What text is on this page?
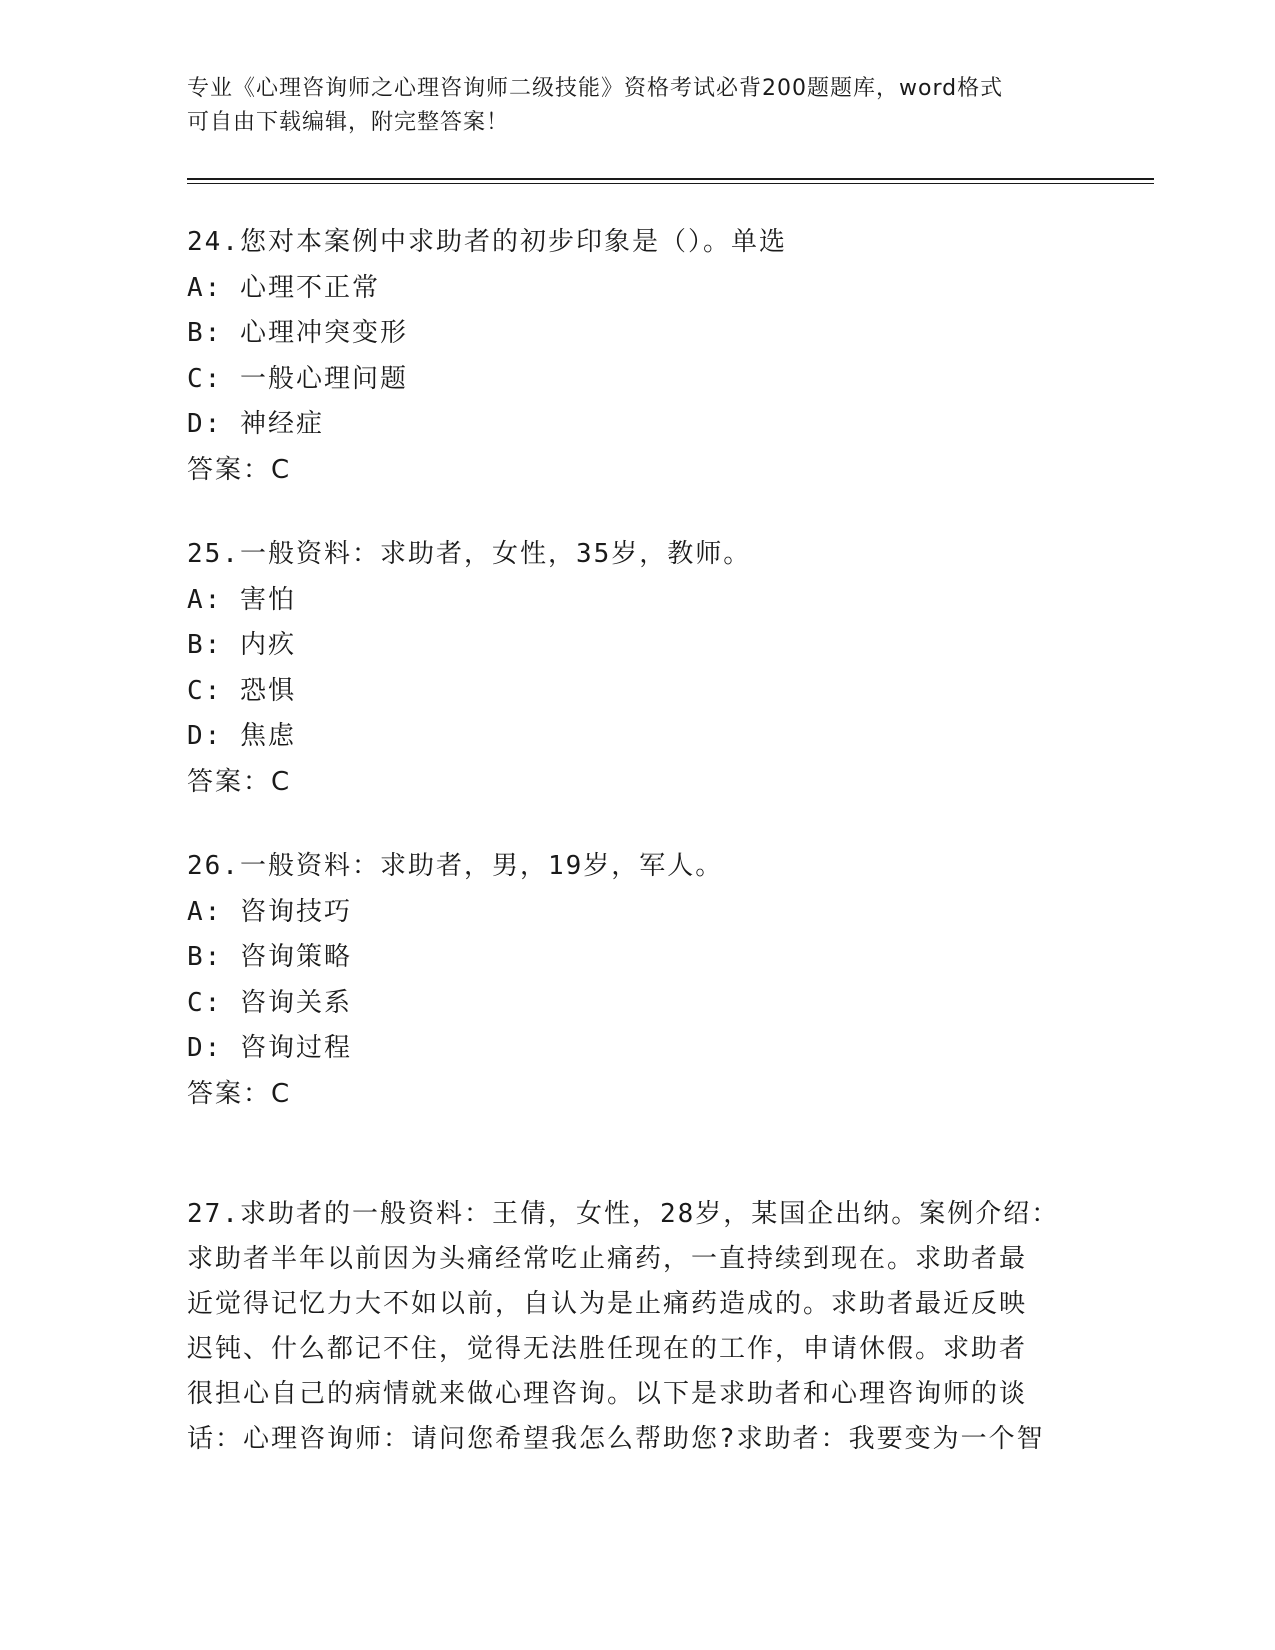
专业《心理咨询师之心理咨询师二级技能》资格考试必背200题题库，word格式
可自由下载编辑，附完整答案！
24.您对本案例中求助者的初步印象是（）。单选
A: 心理不正常
B: 心理冲突变形
C: 一般心理问题
D: 神经症
答案：C
25.一般资料：求助者，女性，35岁，教师。
A: 害怕
B: 内疚
C: 恐惧
D: 焦虑
答案：C
26.一般资料：求助者，男，19岁，军人。
A: 咨询技巧
B: 咨询策略
C: 咨询关系
D: 咨询过程
答案：C
27.求助者的一般资料：王倩，女性，28岁，某国企出纳。案例介绍：
求助者半年以前因为头痛经常吃止痛药，一直持续到现在。求助者最
近觉得记忆力大不如以前，自认为是止痛药造成的。求助者最近反映
迟钝、什么都记不住，觉得无法胜任现在的工作，申请休假。求助者
很担心自己的病情就来做心理咨询。以下是求助者和心理咨询师的谈
话：心理咨询师：请问您希望我怎么帮助您?求助者：我要变为一个智
